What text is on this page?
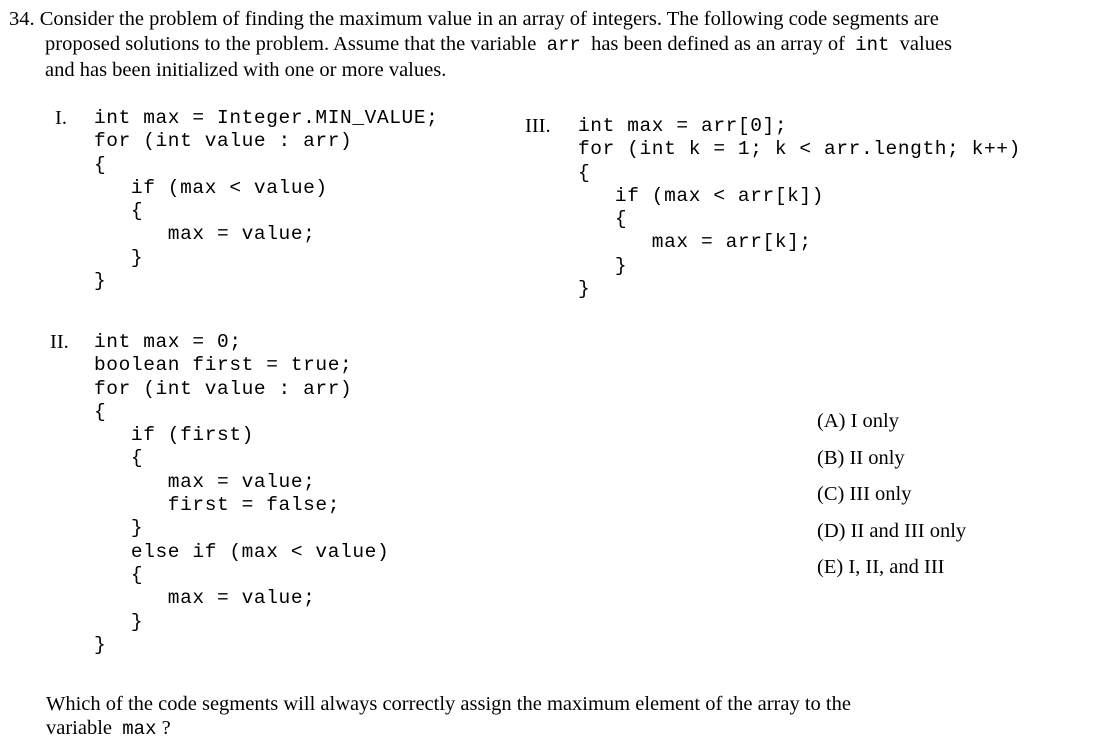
34. Consider the problem of finding the maximum value in an array of integers. The following code segments are
proposed solutions to the problem. Assume that the variable arr has been defined as an array of int values
and has been initialized with one or more values.
I. int max = Integer.MIN_VALUE;
for (int value : arr)
{
if (max < value)
{
max = value;
}
}
II. int max = 0;
boolean first = true;
for (int value : arr)
{
if (first)
{
max = value;
first = false;
}
else if (max < value)
{
max = value;
}
}
III. int max = arr[0];
for (int k = 1; k < arr.length; k++)
{
if (max < arr[k])
{
max = arr[k];
}
}
(A) I only
(B) II only
(C) III only
(D) II and III only
(E) I, II, and III
Which of the code segments will always correctly assign the maximum element of the array to the
variable max ?
